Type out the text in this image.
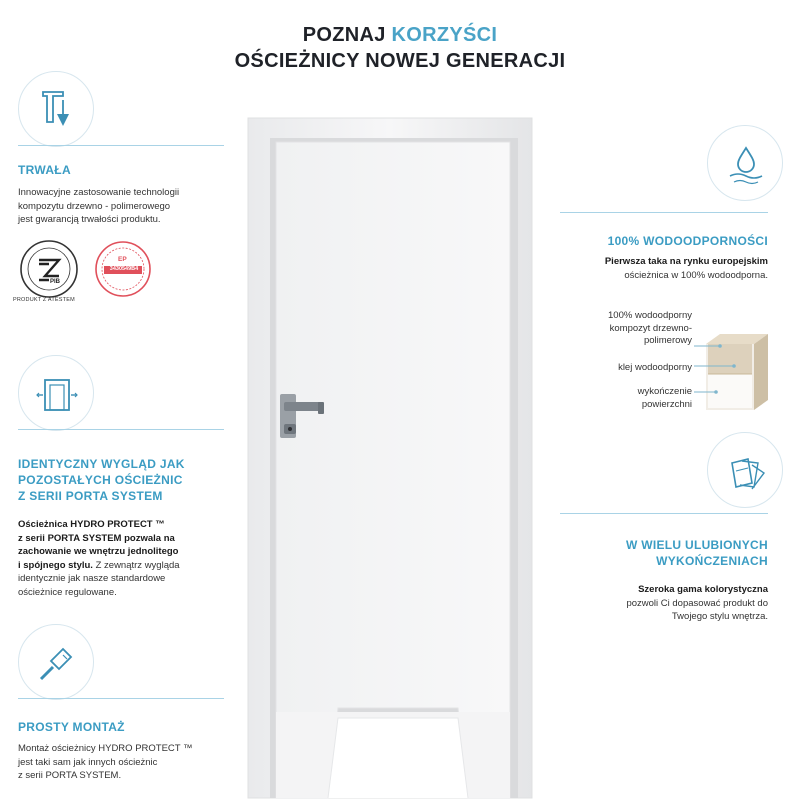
POZNAJ KORZYŚCI
OŚCIEŻNICY NOWEJ GENERACJI
TRWAŁA
Innowacyjne zastosowanie technologii
kompozytu drzewno - polimerowego
jest gwarancją trwałości produktu.
PIB
PRODUKT Z ATESTEM
EP
3430549B4
IDENTYCZNY WYGLĄD JAK
POZOSTAŁYCH OŚCIEŻNIC
Z SERII PORTA SYSTEM
Ościeżnica HYDRO PROTECT ™
z serii PORTA SYSTEM pozwala na
zachowanie we wnętrzu jednolitego
i spójnego stylu. Z zewnątrz wygląda
identycznie jak nasze standardowe
ościeżnice regulowane.
PROSTY MONTAŻ
Montaż ościeżnicy HYDRO PROTECT ™
jest taki sam jak innych ościeżnic
z serii PORTA SYSTEM.
100% WODOODPORNOŚCI
Pierwsza taka na rynku europejskim
ościeżnica w 100% wodoodporna.
100% wodoodporny
kompozyt drzewno-
polimerowy
klej wodoodporny
wykończenie
powierzchni
W WIELU ULUBIONYCH
WYKOŃCZENIACH
Szeroka gama kolorystyczna
pozwoli Ci dopasować produkt do
Twojego stylu wnętrza.
